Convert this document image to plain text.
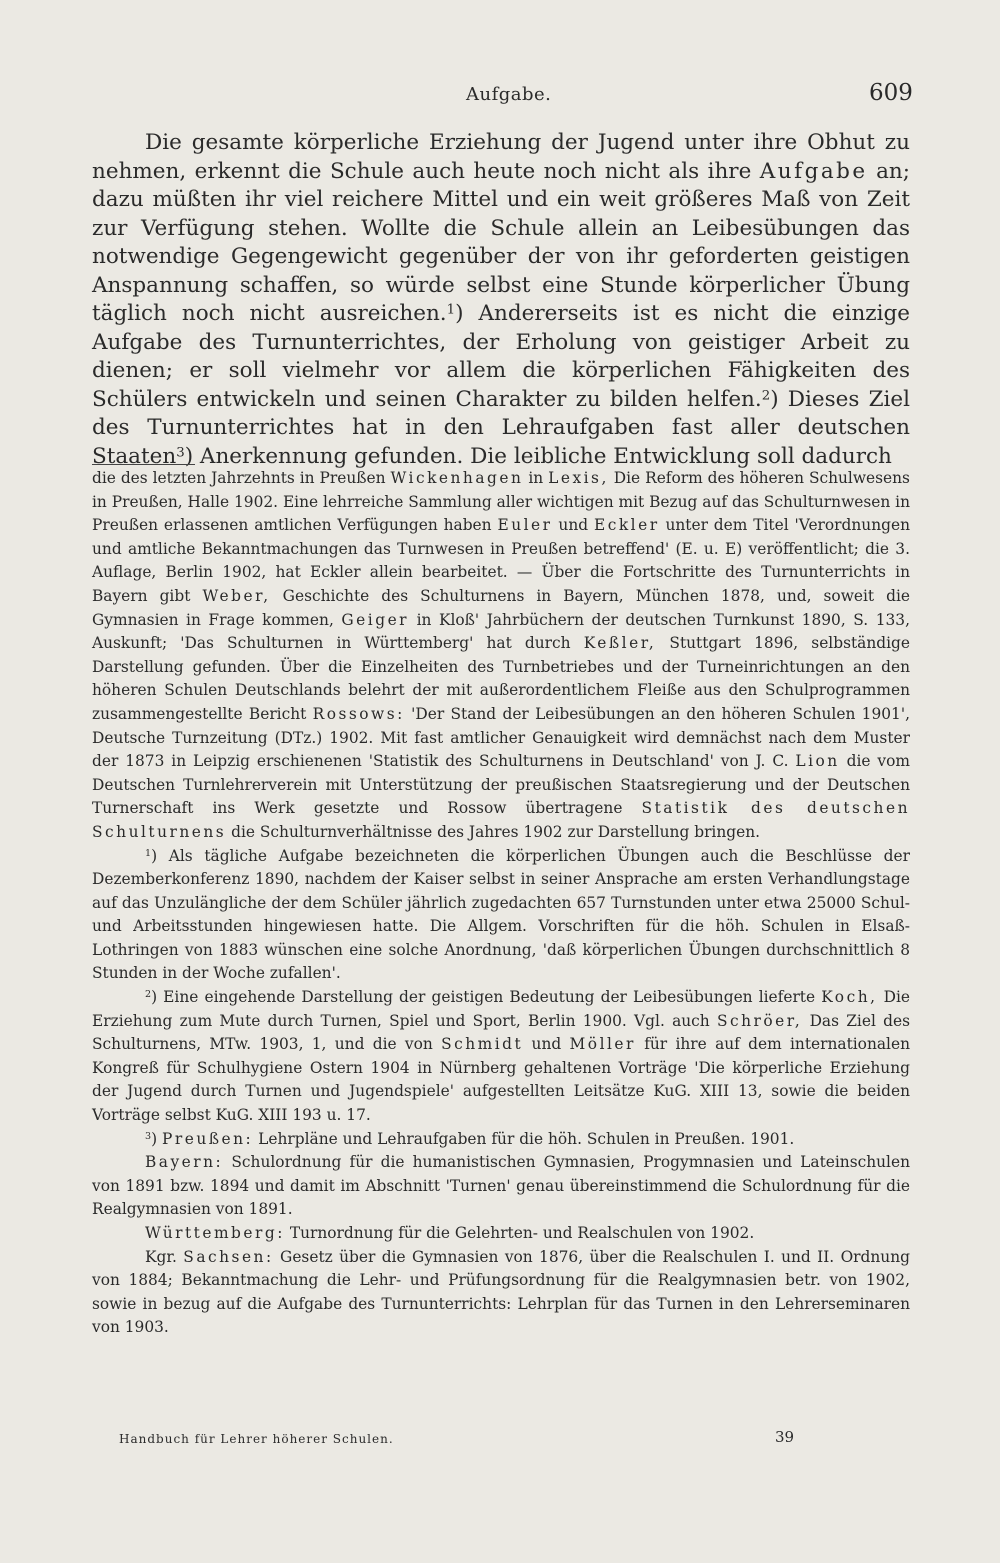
Aufgabe.	609

Die gesamte körperliche Erziehung der Jugend unter ihre Obhut zu nehmen, erkennt die Schule auch heute noch nicht als ihre Aufgabe an; dazu müßten ihr viel reichere Mittel und ein weit größeres Maß von Zeit zur Verfügung stehen. Wollte die Schule allein an Leibesübungen das notwendige Gegengewicht gegenüber der von ihr geforderten geistigen Anspannung schaffen, so würde selbst eine Stunde körperlicher Übung täglich noch nicht ausreichen.$^1$) Andererseits ist es nicht die einzige Aufgabe des Turnunterrichtes, der Erholung von geistiger Arbeit zu dienen; er soll vielmehr vor allem die körperlichen Fähigkeiten des Schülers entwickeln und seinen Charakter zu bilden helfen.$^2$) Dieses Ziel des Turnunterrichtes hat in den Lehraufgaben fast aller deutschen Staaten$^3$) Anerkennung gefunden. Die leibliche Entwicklung soll dadurch

die des letzten Jahrzehnts in Preußen Wickenhagen in Lexis, Die Reform des höheren Schulwesens in Preußen, Halle 1902. Eine lehrreiche Sammlung aller wichtigen mit Bezug auf das Schulturnwesen in Preußen erlassenen amtlichen Verfügungen haben Euler und Eckler unter dem Titel 'Verordnungen und amtliche Bekanntmachungen das Turnwesen in Preußen betreffend' (E. u. E) veröffentlicht; die 3. Auflage, Berlin 1902, hat Eckler allein bearbeitet. — Über die Fortschritte des Turnunterrichts in Bayern gibt Weber, Geschichte des Schulturnens in Bayern, München 1878, und, soweit die Gymnasien in Frage kommen, Geiger in Kloß' Jahrbüchern der deutschen Turnkunst 1890, S. 133, Auskunft; 'Das Schulturnen in Württemberg' hat durch Keßler, Stuttgart 1896, selbständige Darstellung gefunden. Über die Einzelheiten des Turnbetriebes und der Turneinrichtungen an den höheren Schulen Deutschlands belehrt der mit außerordentlichem Fleiße aus den Schulprogrammen zusammengestellte Bericht Rossows: 'Der Stand der Leibesübungen an den höheren Schulen 1901', Deutsche Turnzeitung (DTz.) 1902. Mit fast amtlicher Genauigkeit wird demnächst nach dem Muster der 1873 in Leipzig erschienenen 'Statistik des Schulturnens in Deutschland' von J. C. Lion die vom Deutschen Turnlehrerverein mit Unterstützung der preußischen Staatsregierung und der Deutschen Turnerschaft ins Werk gesetzte und Rossow übertragene Statistik des deutschen Schulturnens die Schulturnverhältnisse des Jahres 1902 zur Darstellung bringen.

$^1$) Als tägliche Aufgabe bezeichneten die körperlichen Übungen auch die Beschlüsse der Dezemberkonferenz 1890, nachdem der Kaiser selbst in seiner Ansprache am ersten Verhandlungstage auf das Unzulängliche der dem Schüler jährlich zugedachten 657 Turnstunden unter etwa 25000 Schul- und Arbeitsstunden hingewiesen hatte. Die Allgem. Vorschriften für die höh. Schulen in Elsaß-Lothringen von 1883 wünschen eine solche Anordnung, 'daß körperlichen Übungen durchschnittlich 8 Stunden in der Woche zufallen'.

$^2$) Eine eingehende Darstellung der geistigen Bedeutung der Leibesübungen lieferte Koch, Die Erziehung zum Mute durch Turnen, Spiel und Sport, Berlin 1900. Vgl. auch Schröer, Das Ziel des Schulturnens, MTw. 1903, 1, und die von Schmidt und Möller für ihre auf dem internationalen Kongreß für Schulhygiene Ostern 1904 in Nürnberg gehaltenen Vorträge 'Die körperliche Erziehung der Jugend durch Turnen und Jugendspiele' aufgestellten Leitsätze KuG. XIII 13, sowie die beiden Vorträge selbst KuG. XIII 193 u. 17.

$^3$) Preußen: Lehrpläne und Lehraufgaben für die höh. Schulen in Preußen. 1901.

Bayern: Schulordnung für die humanistischen Gymnasien, Progymnasien und Lateinschulen von 1891 bzw. 1894 und damit im Abschnitt 'Turnen' genau übereinstimmend die Schulordnung für die Realgymnasien von 1891.

Württemberg: Turnordnung für die Gelehrten- und Realschulen von 1902.

Kgr. Sachsen: Gesetz über die Gymnasien von 1876, über die Realschulen I. und II. Ordnung von 1884; Bekanntmachung die Lehr- und Prüfungsordnung für die Realgymnasien betr. von 1902, sowie in bezug auf die Aufgabe des Turnunterrichts: Lehrplan für das Turnen in den Lehrerseminaren von 1903.

Handbuch für Lehrer höherer Schulen.	39
